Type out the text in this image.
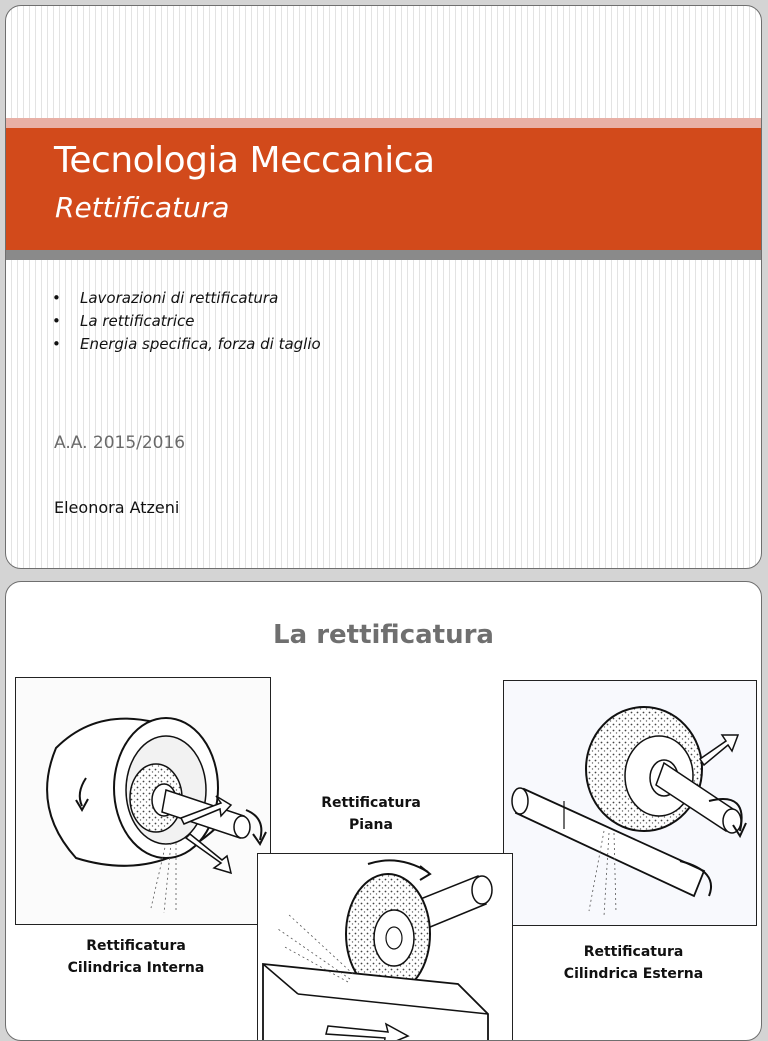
Tecnologia Meccanica
Rettificatura
•	Lavorazioni di rettificatura
•	La rettificatrice
•	Energia specifica, forza di taglio
A.A. 2015/2016
Eleonora Atzeni
La rettificatura
Rettificatura
Piana
Rettificatura
Cilindrica Interna
Rettificatura
Cilindrica Esterna
